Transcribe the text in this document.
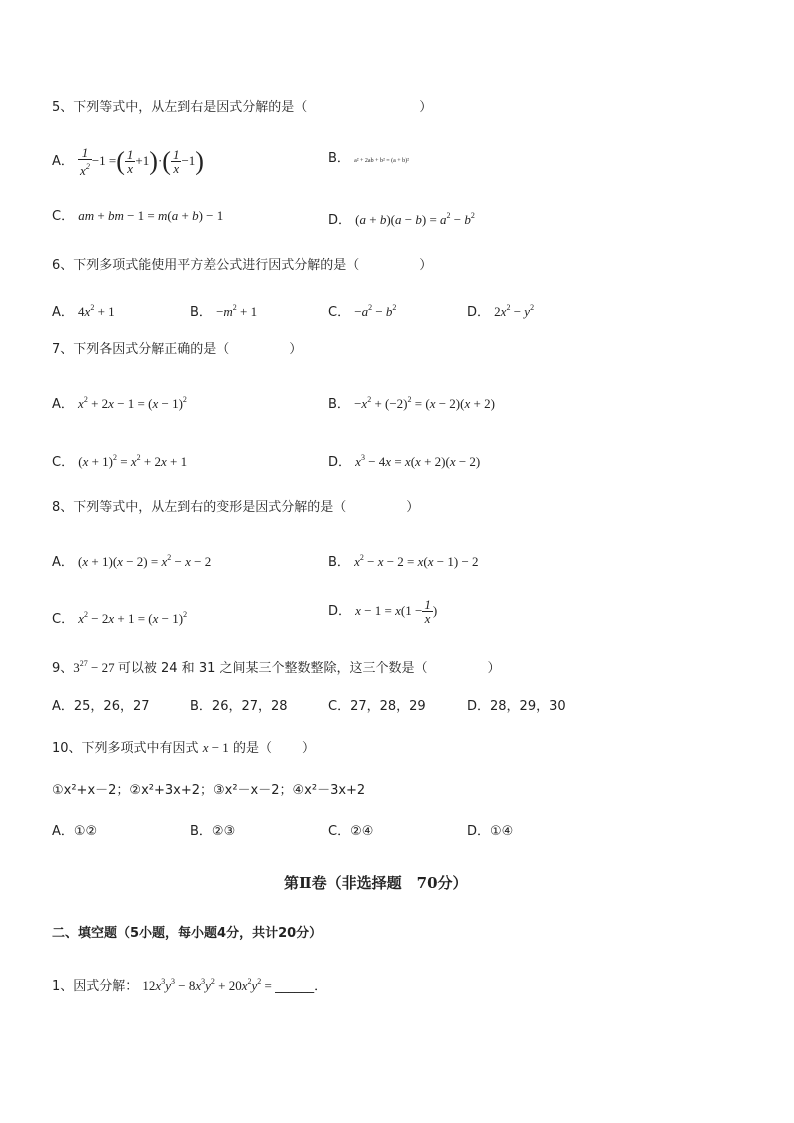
5、下列等式中，从左到右是因式分解的是（	）
A． $\frac{1}{x^2} -1$ =( $\frac{1}{x} +1)\cdot( \frac{1}{x} -1)$	B． a² + 2ab + b² = (a + b)²
C． am + bm − 1 = m(a + b) − 1	D． $(a + b)(a - b) = a^2 - b^2$
6、下列多项式能使用平方差公式进行因式分解的是（	）
A． $4x^2 + 1$	B． $-m^2 + 1$	C． $-a^2 - b^2$	D． $2x^2 - y^2$
7、下列各因式分解正确的是（	）
A． $x^2 + 2x - 1 = (x - 1)^2$	B． $-x^2 + (-2)^2 = (x - 2)(x + 2)$
C． $(x + 1)^2 = x^2 + 2x + 1$	D． $x^3 - 4x = x(x + 2)(x - 2)$
8、下列等式中，从左到右的变形是因式分解的是（	）
A． $(x + 1)(x - 2) = x^2 - x - 2$	B． $x^2 - x - 2 = x(x - 1) - 2$
C． $x^2 - 2x + 1 = (x - 1)^2$	D． $x - 1 = x(1 - \frac{1}{x}$ )
9、$3^{27} - 27$ 可以被 24 和 31 之间某三个整数整除，这三个数是（	）
A．25，26，27	B．26，27，28	C．27，28，29	D．28，29，30
10、下列多项式中有因式 x − 1 的是（ ）
①x²+x－2；②x²+3x+2；③x²－x－2；④x²－3x+2
A．①②	B．②③	C．②④	D．①④
第Ⅱ卷（非选择题　70分）
二、填空题（5小题，每小题4分，共计20分）
1、因式分解： $12x^3y^3 - 8x^3y^2 + 20x^2y^2$ = ______．
